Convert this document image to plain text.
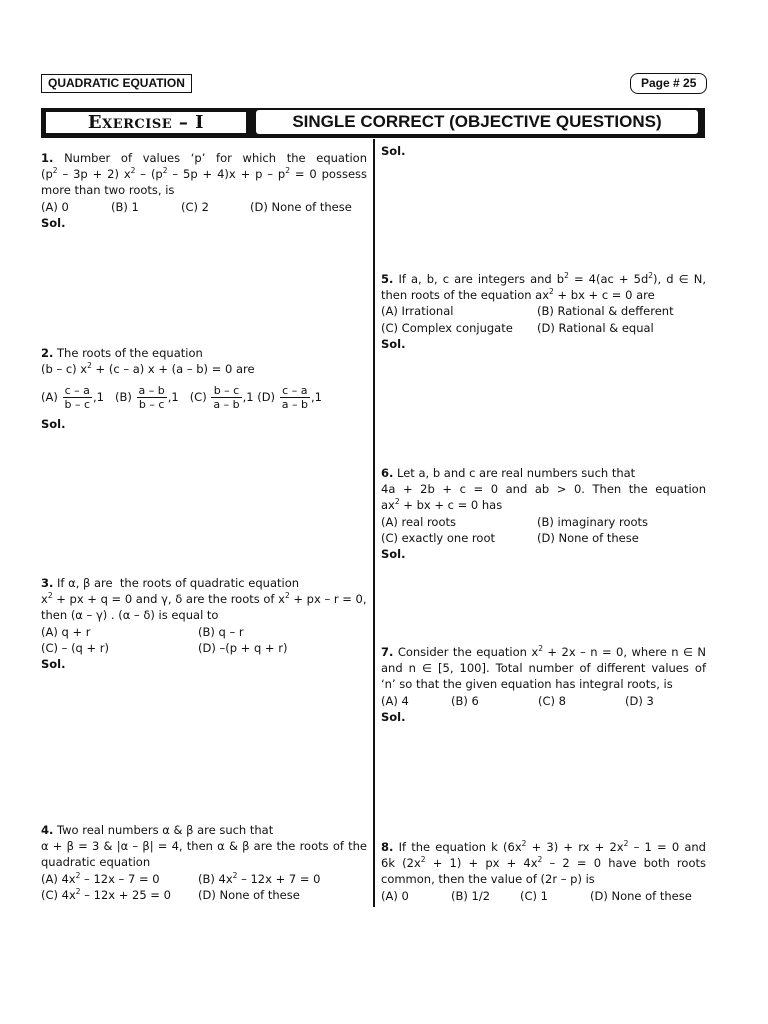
QUADRATIC EQUATION	Page # 25
Exercise – I	SINGLE CORRECT (OBJECTIVE QUESTIONS)

1. Number of values ‘p’ for which the equation

$(p^2 - 3p + 2)$ $x^2 - (p^2 - 5p + 4)x + p - p^2 = 0$ possess

more than two roots, is

(A) 0	(B) 1	(C) 2	(D) None of these

Sol.

2. The roots of the equation

(b – c) $x^2 + (c - a) x + (a - b) = 0$ are

$(A) \frac{c - a}{b - c} ,1$ $(B) \frac{a - b}{b - c} ,1$ $(C) \frac{b - c}{a - b} ,1$ $(D) \frac{c - a}{a - b} ,1$

Sol.

3. If α, β are  the roots of quadratic equation

$x^2$ + px + q = 0 and γ, δ are the roots of $x^2$ + px – r = 0,

then (α – γ) . (α – δ) is equal to

(A) q + r	(B) q – r

(C) – (q + r)	(D) –(p + q + r)

Sol.

4. Two real numbers α & β are such that

α + β = 3 & |α – β| = 4, then α & β are the roots of the

quadratic equation

(A) $4x^2 - 12x - 7 = 0$	(B) $4x^2 - 12x + 7 = 0$

(C) $4x^2 - 12x + 25 = 0$	(D) None of these

Sol.

5. If a, b, c are integers and $b^2 = 4(ac + 5d^2)$, d ∈ N,

then roots of the equation $ax^2$ + bx + c = 0 are

(A) Irrational	(B) Rational & defferent

(C) Complex conjugate	(D) Rational & equal

Sol.

6. Let a, b and c are real numbers such that

4a + 2b + c = 0 and ab > 0. Then the equation

$ax^2$ + bx + c = 0 has

(A) real roots	(B) imaginary roots

(C) exactly one root	(D) None of these

Sol.

7. Consider the equation $x^2 + 2x - n = 0$, where n ∈ N

and n ∈ [5, 100]. Total number of different values of

‘n’ so that the given equation has integral roots, is

(A) 4	(B) 6	(C) 8	(D) 3

Sol.

8. If the equation k $(6x^2 + 3)$ + rx + $2x^2 - 1 = 0$ and

6k $(2x^2 + 1)$ + px + $4x^2 - 2 = 0$ have both roots

common, then the value of (2r – p) is

(A) 0	(B) 1/2	(C) 1	(D) None of these
